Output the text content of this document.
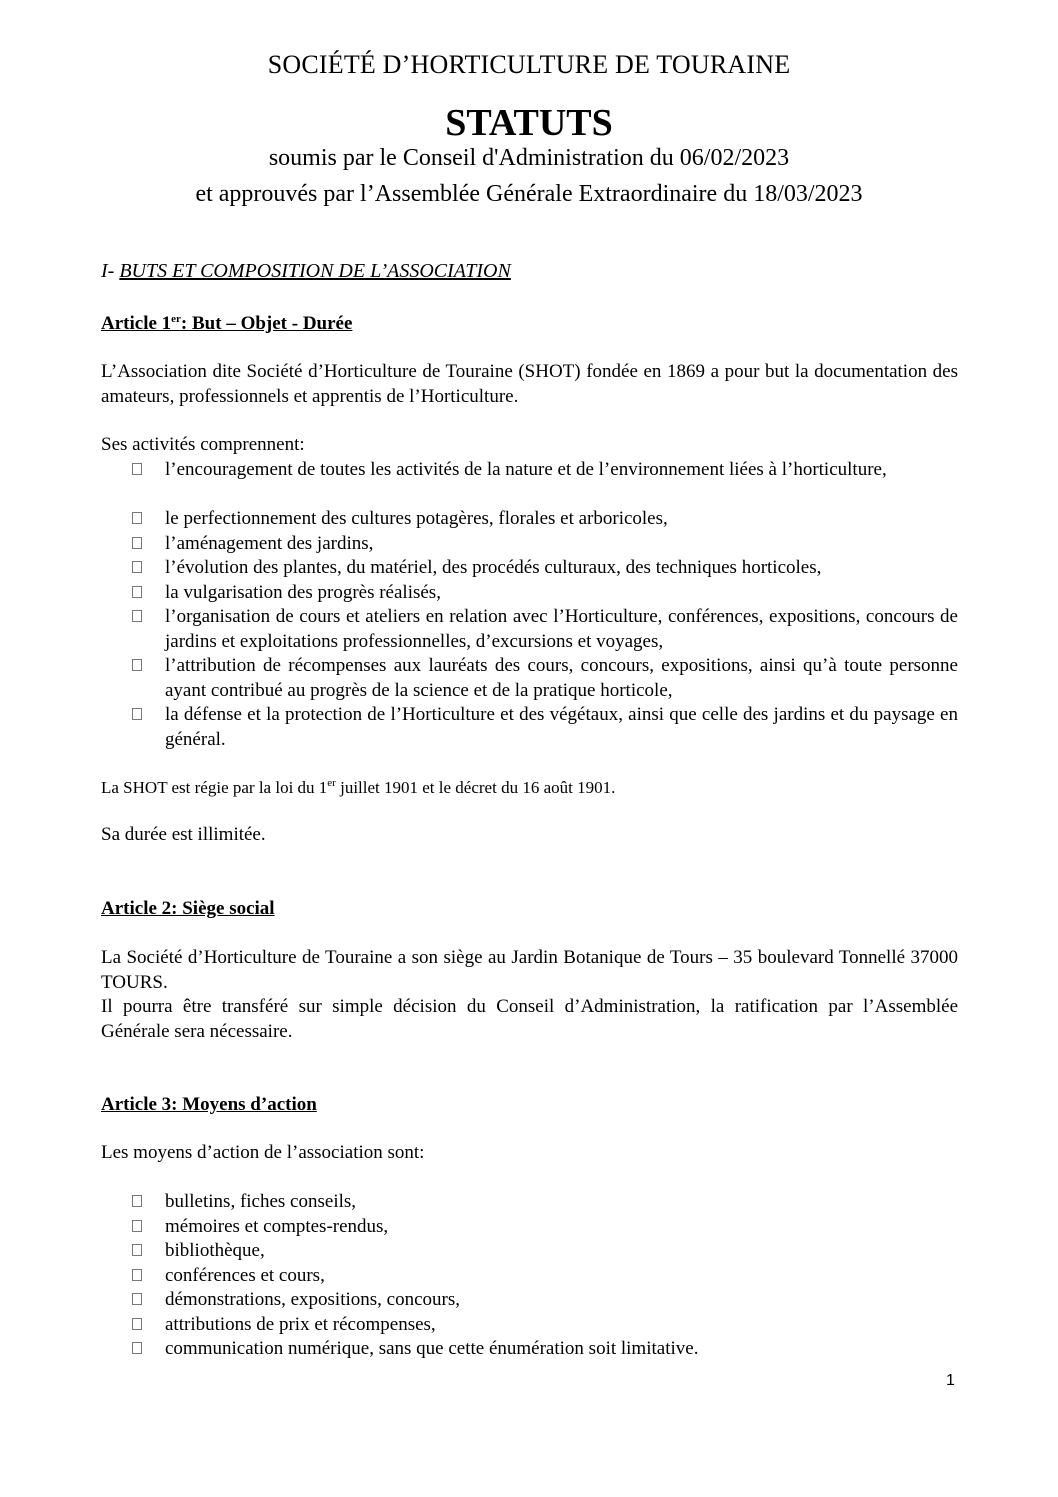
SOCIÉTÉ D’HORTICULTURE DE TOURAINE
STATUTS
soumis par le Conseil d'Administration du 06/02/2023
et approuvés par l’Assemblée Générale Extraordinaire du 18/03/2023
I- BUTS ET COMPOSITION DE L’ASSOCIATION
Article 1er: But – Objet - Durée
L’Association dite Société d’Horticulture de Touraine (SHOT) fondée en 1869 a pour but la documentation des amateurs, professionnels et apprentis de l’Horticulture.
Ses activités comprennent:
l’encouragement de toutes les activités de la nature et de l’environnement liées à l’horticulture,
le perfectionnement des cultures potagères, florales et arboricoles,
l’aménagement des jardins,
l’évolution des plantes, du matériel, des procédés culturaux, des techniques horticoles,
la vulgarisation des progrès réalisés,
l’organisation de cours et ateliers en relation avec l’Horticulture, conférences, expositions, concours de jardins et exploitations professionnelles, d’excursions et voyages,
l’attribution de récompenses aux lauréats des cours, concours, expositions, ainsi qu’à toute personne ayant contribué au progrès de la science et de la pratique horticole,
la défense et la protection de l’Horticulture et des végétaux, ainsi que celle des jardins et du paysage en général.
La SHOT est régie par la loi du 1er juillet 1901 et le décret du 16 août 1901.
Sa durée est illimitée.
Article 2: Siège social
La Société d’Horticulture de Touraine a son siège au Jardin Botanique de Tours – 35 boulevard Tonnellé 37000 TOURS.
Il pourra être transféré sur simple décision du Conseil d’Administration, la ratification par l’Assemblée Générale sera nécessaire.
Article 3: Moyens d’action
Les moyens d’action de l’association sont:
bulletins, fiches conseils,
mémoires et comptes-rendus,
bibliothèque,
conférences et cours,
démonstrations, expositions, concours,
attributions de prix et récompenses,
communication numérique, sans que cette énumération soit limitative.
1
